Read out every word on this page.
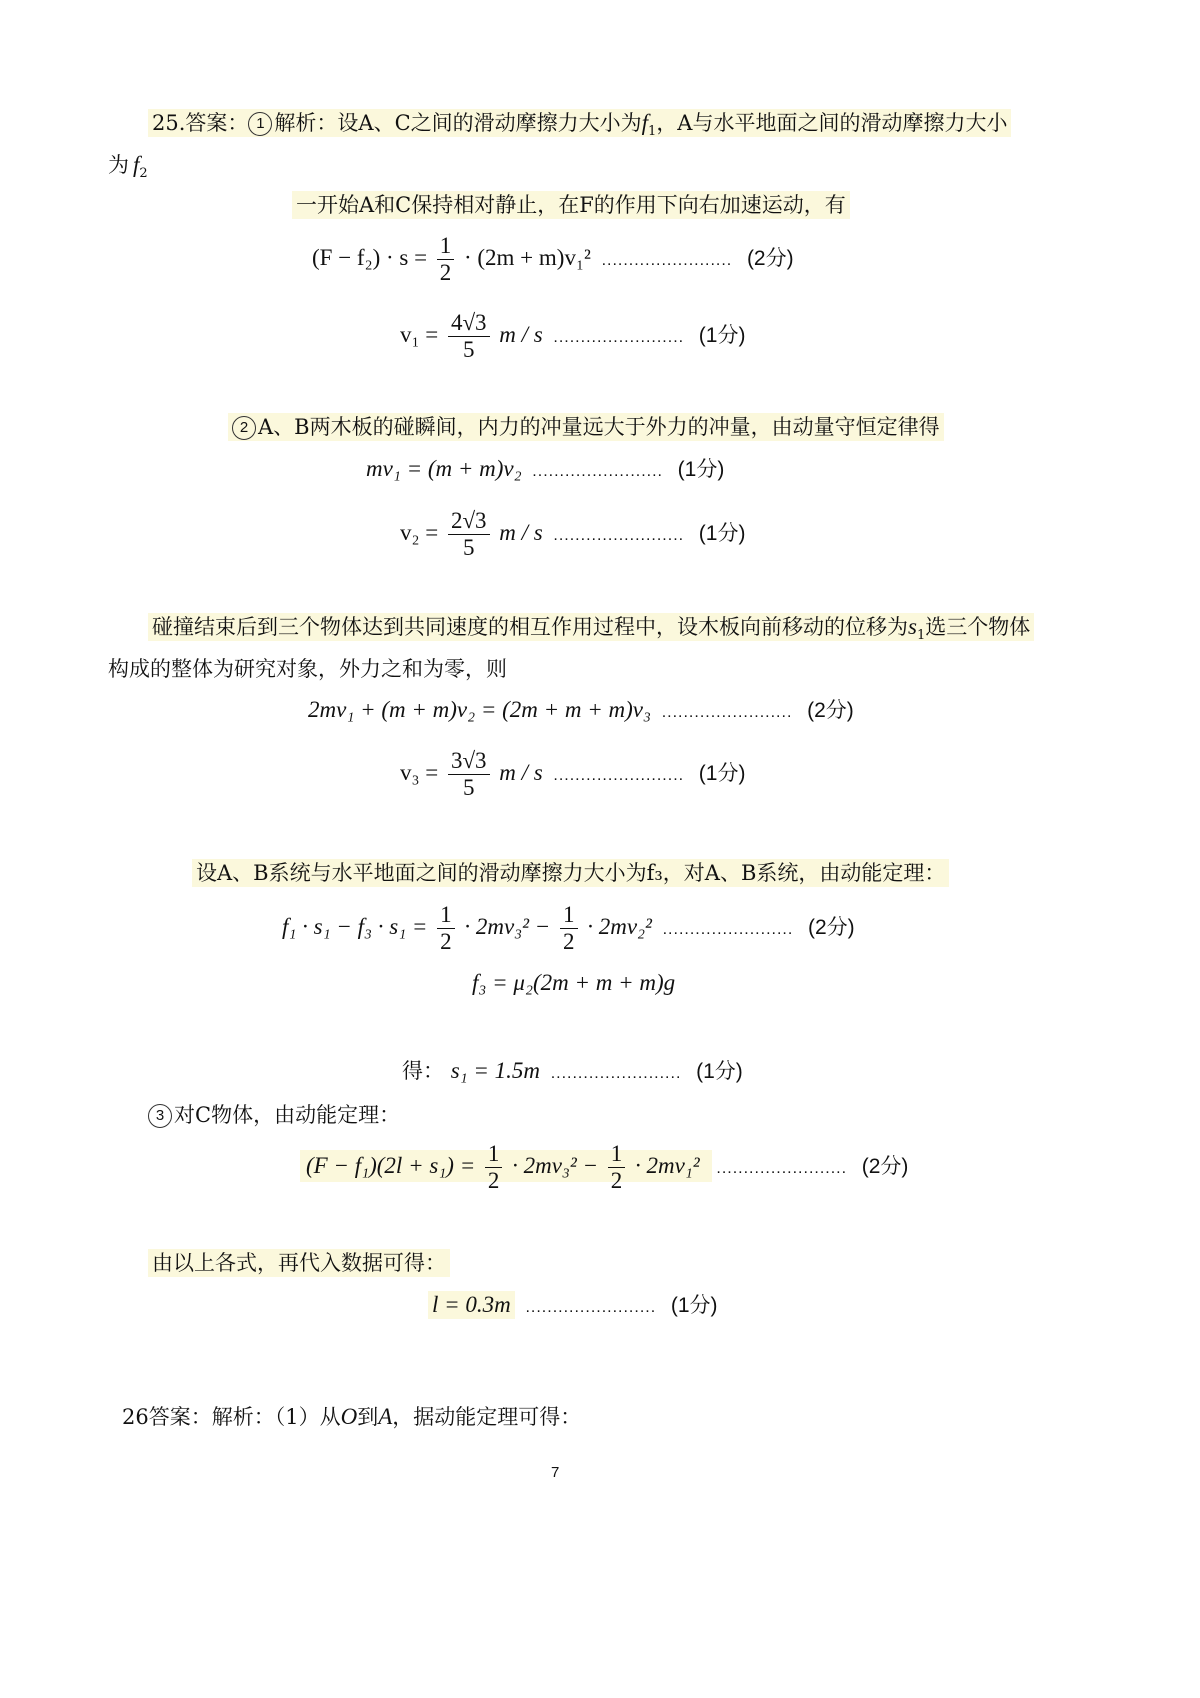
25.答案： 1 解析：设A、C之间的滑动摩擦力大小为$f_1$，A与水平地面之间的滑动摩擦力大小
为 $f_2$
一开始A和C保持相对静止，在F的作用下向右加速运动，有
$(F - f_2) \cdot s = \frac{1}{2} \cdot (2m + m)v_1^2$ ........................ (2分)
$v_1 = \frac{4√3}{5}$ m / s ........................ (1分)
2 A、B两木板的碰瞬间，内力的冲量远大于外力的冲量，由动量守恒定律得
mv₁ = (m + m)v₂ ........................ (1分)
$v_2 = \frac{2√3}{5}$ m / s ........................ (1分)
碰撞结束后到三个物体达到共同速度的相互作用过程中，设木板向前移动的位移为$s_1$选三个物体
构成的整体为研究对象，外力之和为零，则
2mv₁ + (m + m)v₂ = (2m + m + m)v₃ ........................ (2分)
$v_3 = \frac{3√3}{5}$ m / s ........................ (1分)
设A、B系统与水平地面之间的滑动摩擦力大小为f₃，对A、B系统，由动能定理：
$f_1 \cdot s_1 - f_3 \cdot s_1 = \frac{1}{2} \cdot 2mv_3^2 - \frac{1}{2} \cdot 2mv_2^2$ ........................ (2分)
f₃ = μ₂(2m + m + m)g
得： s₁ = 1.5m ........................ (1分)
3 对C物体，由动能定理：
$(F - f_1)(2l + s_1) = \frac{1}{2} \cdot 2mv_3^2 - \frac{1}{2} \cdot 2mv_1^2$ ........................ (2分)
由以上各式，再代入数据可得：
l = 0.3m ........................ (1分)
26答案：解析：（1）从O到A，据动能定理可得：
7
